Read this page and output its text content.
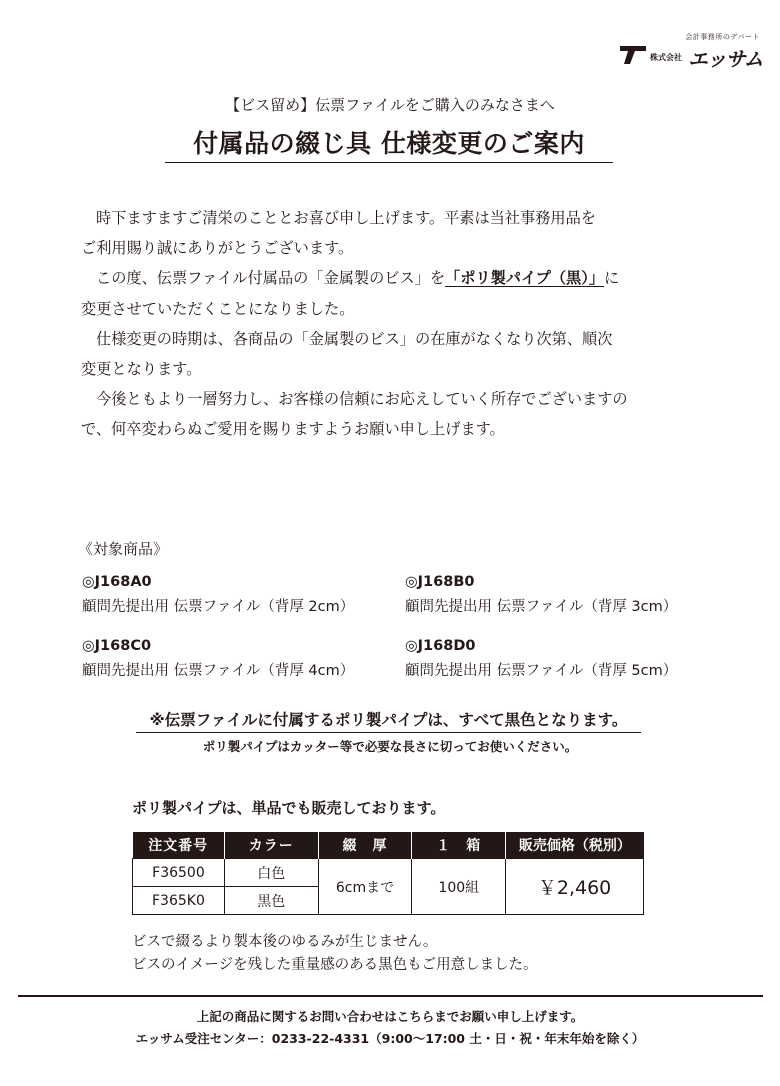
会計事務所のデパート
株式会社 エッサム
【ビス留め】伝票ファイルをご購入のみなさまへ
付属品の綴じ具 仕様変更のご案内

時下ますますご清栄のこととお喜び申し上げます。平素は当社事務用品を

ご利用賜り誠にありがとうございます。

この度、伝票ファイル付属品の「金属製のビス」を「ポリ製パイプ（黒）」に

変更させていただくことになりました。

仕様変更の時期は、各商品の「金属製のビス」の在庫がなくなり次第、順次

変更となります。

今後ともより一層努力し、お客様の信頼にお応えしていく所存でございますの

で、何卒変わらぬご愛用を賜りますようお願い申し上げます。

《対象商品》
◎J168A0
顧問先提出用 伝票ファイル（背厚 2cm）
◎J168B0
顧問先提出用 伝票ファイル（背厚 3cm）
◎J168C0
顧問先提出用 伝票ファイル（背厚 4cm）
◎J168D0
顧問先提出用 伝票ファイル（背厚 5cm）
※伝票ファイルに付属するポリ製パイプは、すべて黒色となります。
ポリ製パイプはカッター等で必要な長さに切ってお使いください。
ポリ製パイプは、単品でも販売しております。
注文番号	カラー	綴　厚	１　箱	販売価格（税別）
F36500	白色	6cmまで	100組	￥2,460
F365K0	黒色			

ビスで綴るより製本後のゆるみが生じません。

ビスのイメージを残した重量感のある黒色もご用意しました。

上記の商品に関するお問い合わせはこちらまでお願い申し上げます。

エッサム受注センター：0233-22-4331（9:00～17:00 土・日・祝・年末年始を除く）
